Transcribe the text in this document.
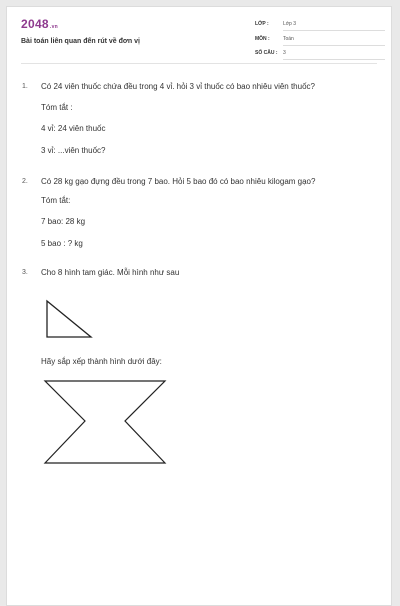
2048.vn
Bài toán liên quan đến rút về đơn vị
LỚP :	Lớp 3
MÔN :	Toán
SỐ CÂU : 3
1. Có 24 viên thuốc chứa đều trong 4 vỉ. hỏi 3 vỉ thuốc có bao nhiêu viên thuốc?
Tóm tắt :
4 vỉ: 24 viên thuốc
3 vỉ: ...viên thuốc?
2. Có 28 kg gạo đựng đều trong 7 bao. Hỏi 5 bao đó có bao nhiêu kilogam gạo?
Tóm tắt:
7 bao: 28 kg
5 bao : ? kg
3. Cho 8 hình tam giác. Mỗi hình như sau
Hãy sắp xếp thành hình dưới đây:
